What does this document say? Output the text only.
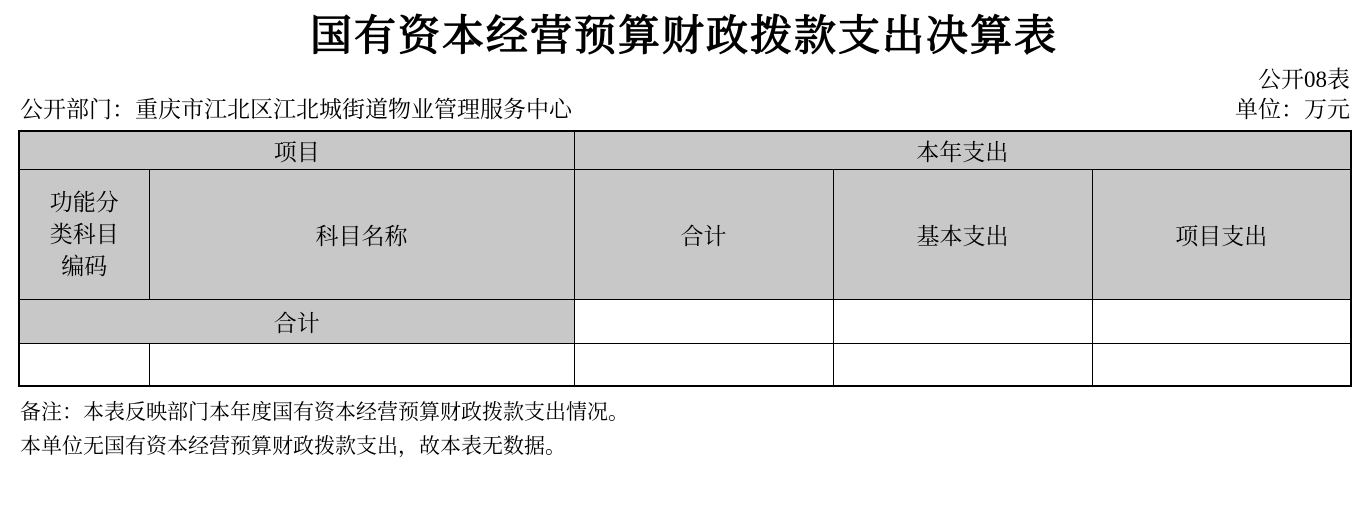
国有资本经营预算财政拨款支出决算表
公开08表
公开部门：重庆市江北区江北城街道物业管理服务中心	单位：万元
项目		本年支出		

功能分
类科目
编码	科目名称	合计	基本支出	项目支出
合计				

备注：本表反映部门本年度国有资本经营预算财政拨款支出情况。
本单位无国有资本经营预算财政拨款支出，故本表无数据。
